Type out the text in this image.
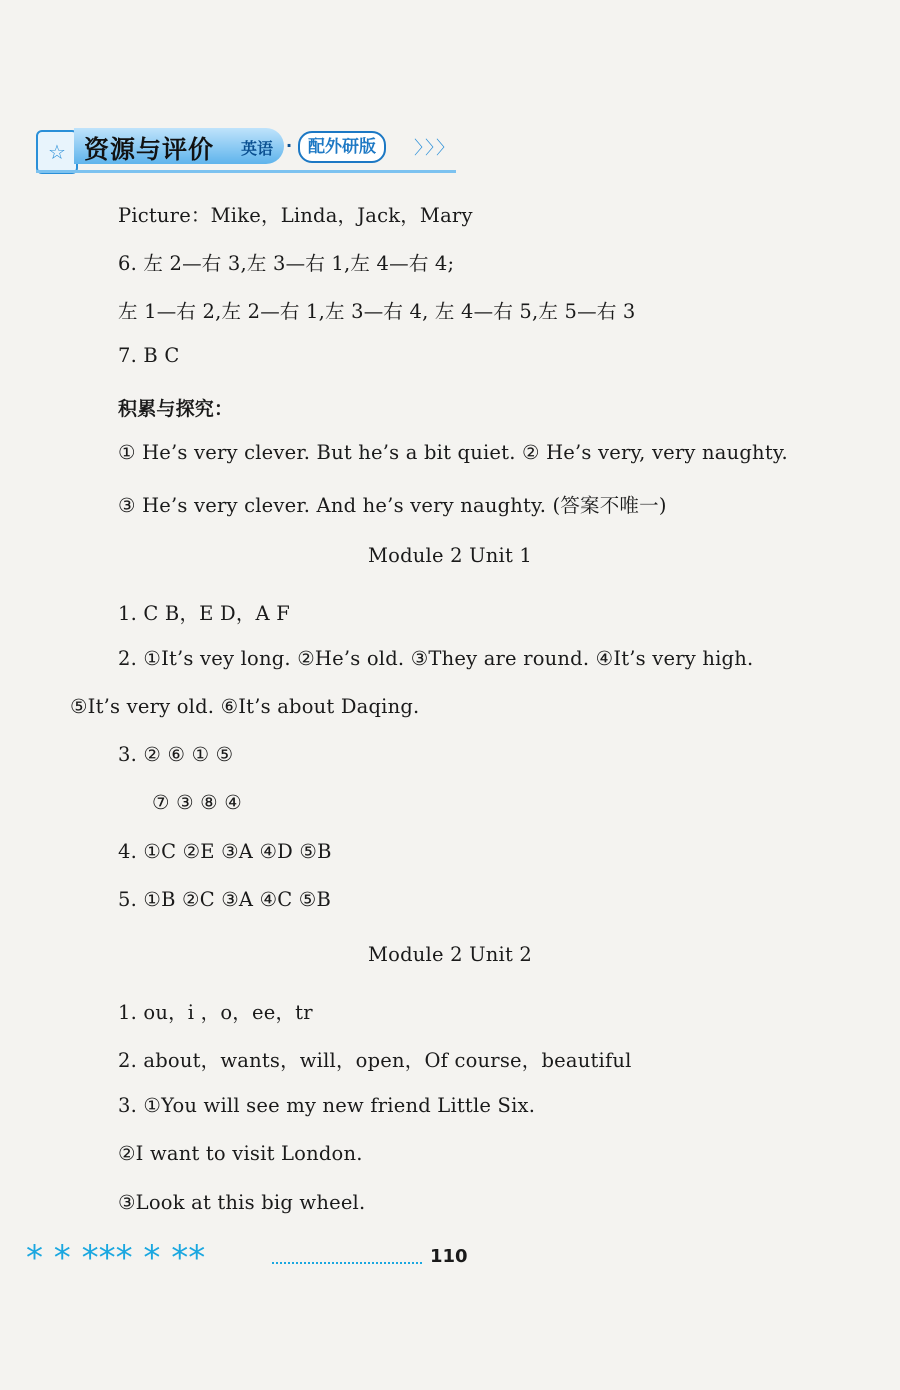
☆ 资源与评价 英语 · 配外研版	〉〉〉
Picture：Mike，Linda，Jack，Mary
6. 左 2—右 3,左 3—右 1,左 4—右 4;
左 1—右 2,左 2—右 1,左 3—右 4, 左 4—右 5,左 5—右 3
7. B C
积累与探究：
① He’s very clever. But he’s a bit quiet. ② He’s very, very naughty.
③ He’s very clever. And he’s very naughty. (答案不唯一)
Module 2 Unit 1
1. C B，E D，A F
2. ①It’s vey long. ②He’s old. ③They are round. ④It’s very high.
⑤It’s very old. ⑥It’s about Daqing.
3. ② ⑥ ① ⑤
⑦ ③ ⑧ ④
4. ①C ②E ③A ④D ⑤B
5. ①B ②C ③A ④C ⑤B
Module 2 Unit 2
1. ou，i ，o，ee，tr
2. about，wants，will，open，Of course，beautiful
3. ①You will see my new friend Little Six.
②I want to visit London.
③Look at this big wheel.
* * *** * **	110
